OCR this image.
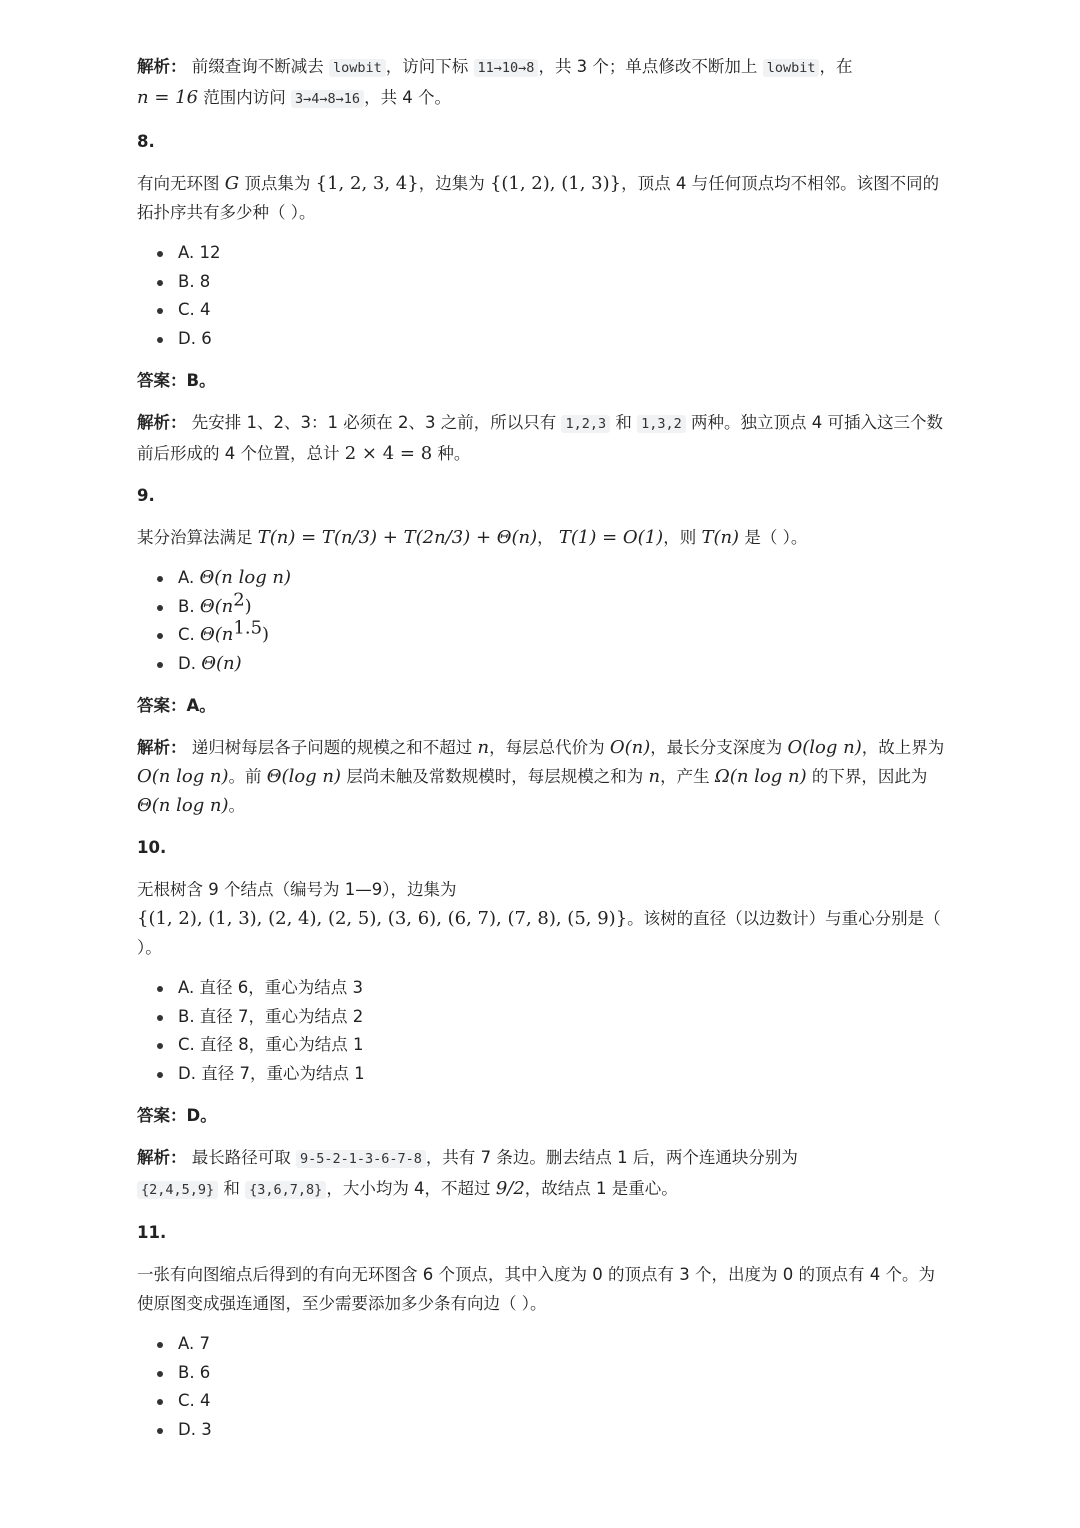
解析： 前缀查询不断减去 lowbit ，访问下标 11→10→8 ，共 3 个；单点修改不断加上 lowbit ，在
n = 16 范围内访问 3→4→8→16 ，共 4 个。

8.

有向无环图 G 顶点集为 {1, 2, 3, 4}，边集为 {(1, 2), (1, 3)}，顶点 4 与任何顶点均不相邻。该图不同的拓扑序共有多少种（ ）。

A. 12
B. 8
C. 4
D. 6

答案：B。

解析： 先安排 1、2、3：1 必须在 2、3 之前，所以只有 1,2,3 和 1,3,2 两种。独立顶点 4 可插入这三个数前后形成的 4 个位置，总计 2 × 4 = 8 种。

9.

某分治算法满足 T(n) = T(n/3) + T(2n/3) + Θ(n)， T(1) = O(1)，则 T(n) 是（ ）。

A. Θ(n log n)
B. $\Theta(n^2)$
C. $\Theta(n^{1.5})$
D. Θ(n)

答案：A。

解析： 递归树每层各子问题的规模之和不超过 n，每层总代价为 O(n)，最长分支深度为 O(log n)，故上界为 O(n log n)。前 Θ(log n) 层尚未触及常数规模时，每层规模之和为 n，产生 Ω(n log n) 的下界，因此为 Θ(n log n)。

10.

无根树含 9 个结点（编号为 1—9），边集为
{(1, 2), (1, 3), (2, 4), (2, 5), (3, 6), (6, 7), (7, 8), (5, 9)}。该树的直径（以边数计）与重心分别是（ ）。

A. 直径 6，重心为结点 3
B. 直径 7，重心为结点 2
C. 直径 8，重心为结点 1
D. 直径 7，重心为结点 1

答案：D。

解析： 最长路径可取 9-5-2-1-3-6-7-8 ，共有 7 条边。删去结点 1 后，两个连通块分别为
{2,4,5,9} 和 {3,6,7,8} ，大小均为 4，不超过 9/2，故结点 1 是重心。

11.

一张有向图缩点后得到的有向无环图含 6 个顶点，其中入度为 0 的顶点有 3 个，出度为 0 的顶点有 4 个。为使原图变成强连通图，至少需要添加多少条有向边（ ）。

A. 7
B. 6
C. 4
D. 3
